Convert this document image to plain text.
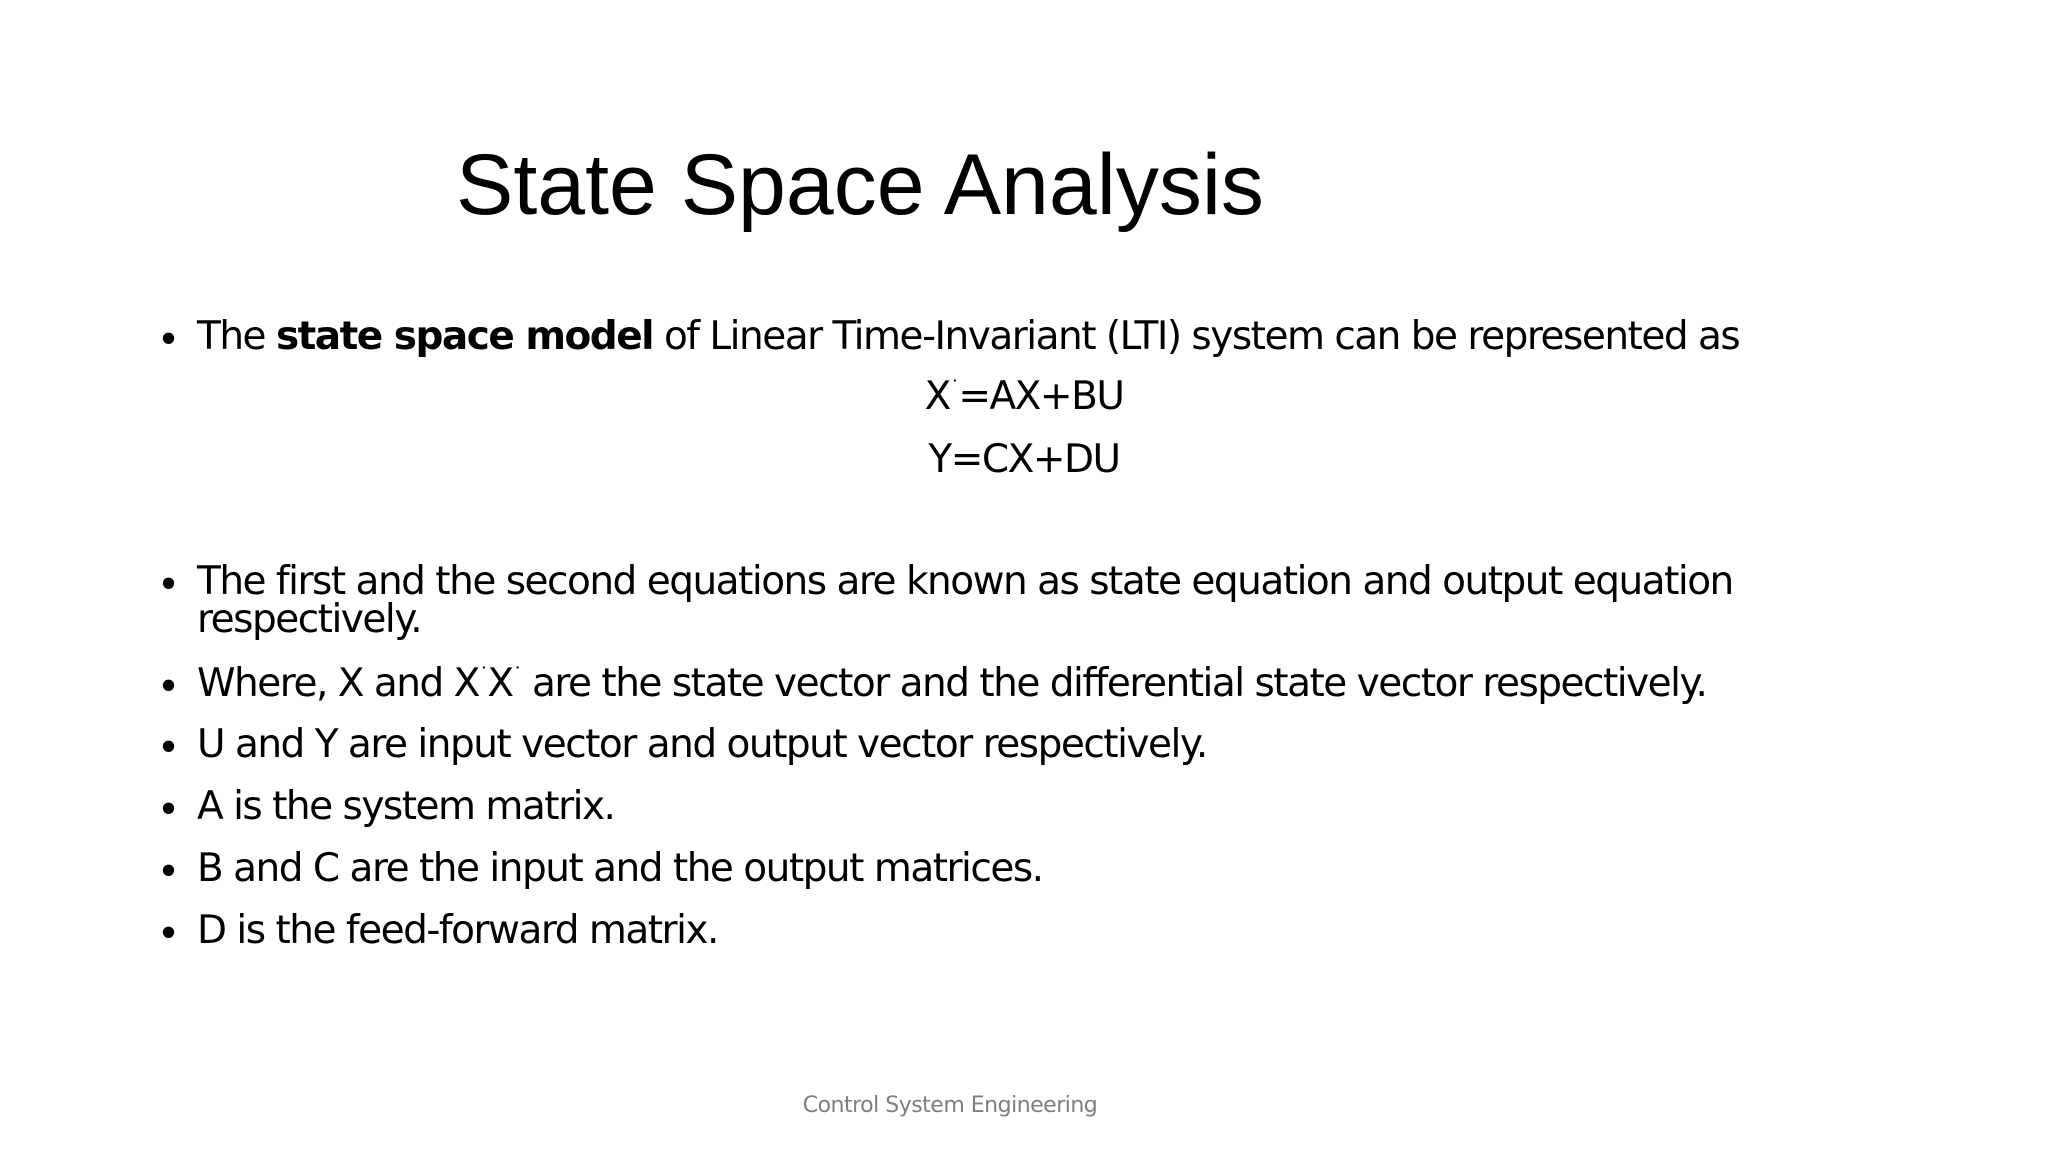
State Space Analysis
• The state space model of Linear Time-Invariant (LTI) system can be represented as
X˙=AX+BU
Y=CX+DU
• The first and the second equations are known as state equation and output equation respectively.
• Where, X and X˙X˙ are the state vector and the differential state vector respectively.
• U and Y are input vector and output vector respectively.
• A is the system matrix.
• B and C are the input and the output matrices.
• D is the feed-forward matrix.
Control System Engineering
